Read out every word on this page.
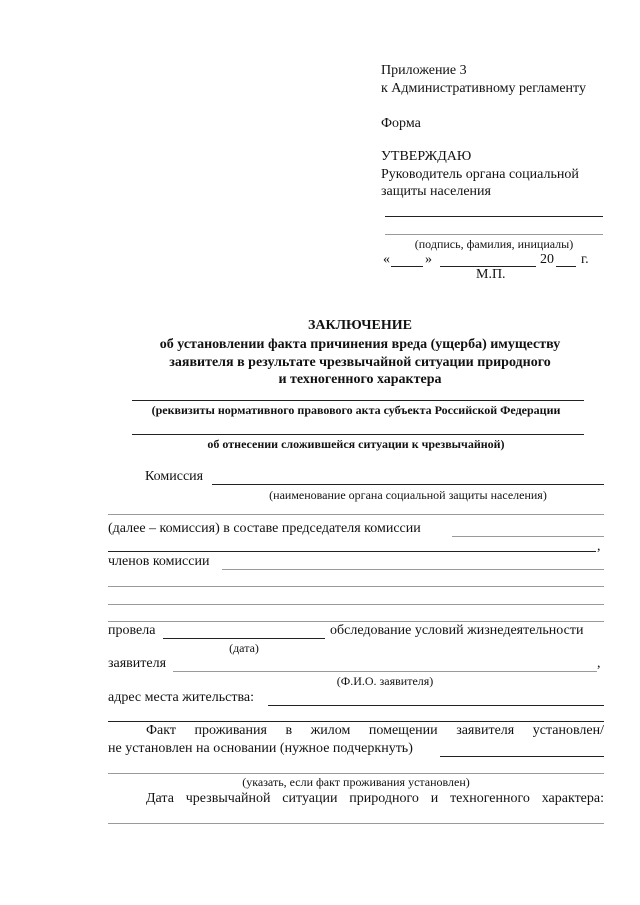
Приложение 3
к Административному регламенту
Форма
УТВЕРЖДАЮ
Руководитель органа социальной
защиты населения
(подпись, фамилия, инициалы)
«	»	20 г.
М.П.
ЗАКЛЮЧЕНИЕ
об установлении факта причинения вреда (ущерба) имуществу
заявителя в результате чрезвычайной ситуации природного
и техногенного характера
(реквизиты нормативного правового акта субъекта Российской Федерации
об отнесении сложившейся ситуации к чрезвычайной)
Комиссия
(наименование органа социальной защиты населения)
(далее – комиссия) в составе председателя комиссии
,
членов комиссии
провела	обследование условий жизнедеятельности
(дата)
заявителя	,
(Ф.И.О. заявителя)
адрес места жительства:
Факт проживания в жилом помещении заявителя установлен/
не установлен на основании (нужное подчеркнуть)
(указать, если факт проживания установлен)
Дата чрезвычайной ситуации природного и техногенного характера:
